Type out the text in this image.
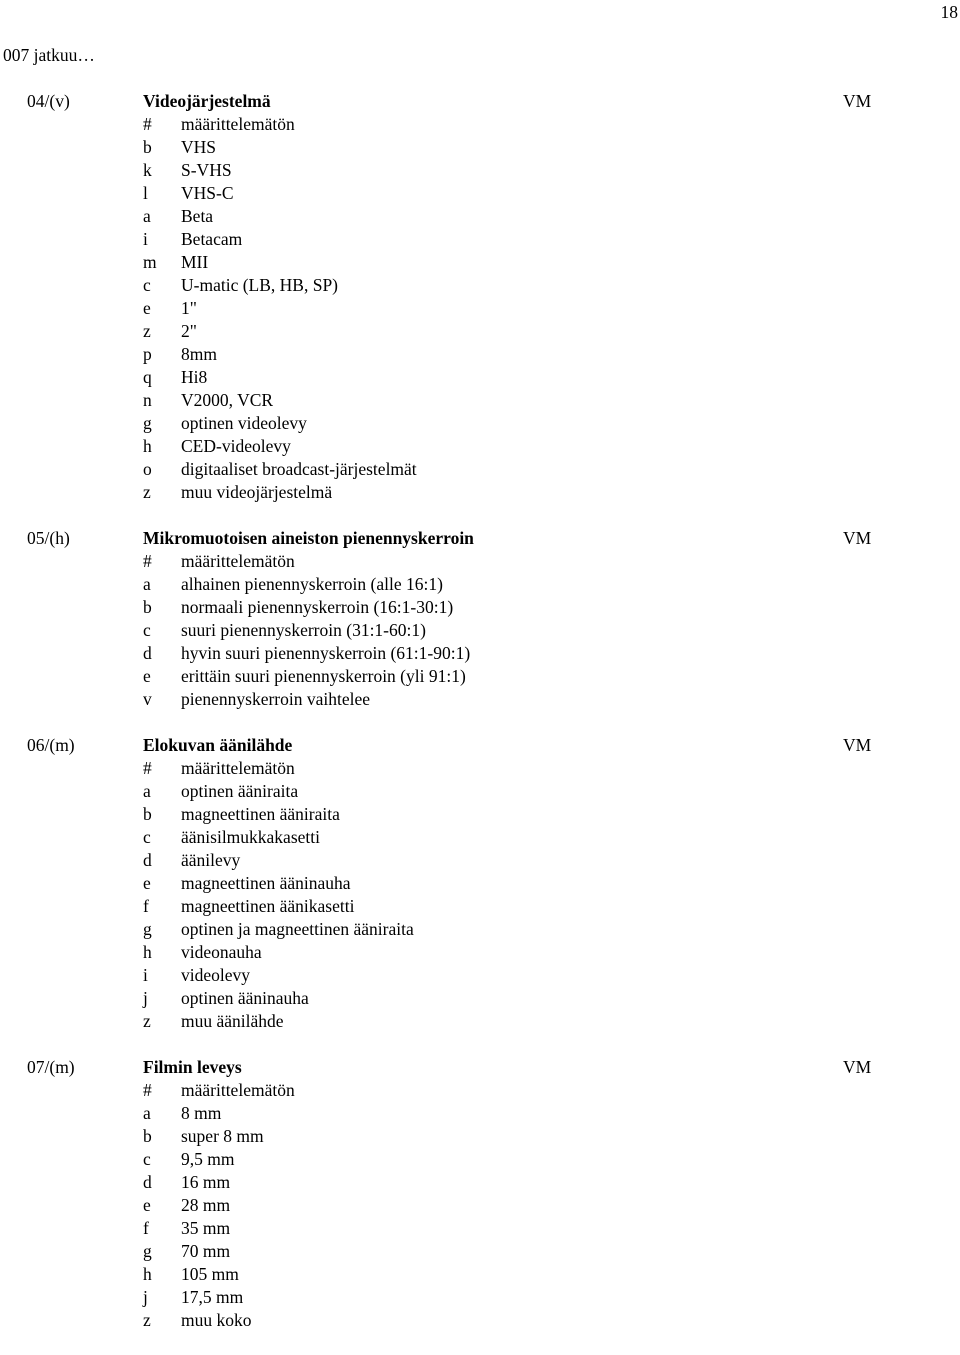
18
007 jatkuu…
04/(v)	Videojärjestelmä	VM
# määrittelemätön
b VHS
k S-VHS
l VHS-C
a Beta
i Betacam
m MII
c U-matic (LB, HB, SP)
e 1"
z 2"
p 8mm
q Hi8
n V2000, VCR
g optinen videolevy
h CED-videolevy
o digitaaliset broadcast-järjestelmät
z muu videojärjestelmä
05/(h)	Mikromuotoisen aineiston pienennyskerroin	VM
# määrittelemätön
a alhainen pienennyskerroin (alle 16:1)
b normaali pienennyskerroin (16:1-30:1)
c suuri pienennyskerroin (31:1-60:1)
d hyvin suuri pienennyskerroin (61:1-90:1)
e erittäin suuri pienennyskerroin (yli 91:1)
v pienennyskerroin vaihtelee
06/(m)	Elokuvan äänilähde	VM
# määrittelemätön
a optinen ääniraita
b magneettinen ääniraita
c äänisilmukkakasetti
d äänilevy
e magneettinen ääninauha
f magneettinen äänikasetti
g optinen ja magneettinen ääniraita
h videonauha
i videolevy
j optinen ääninauha
z muu äänilähde
07/(m)	Filmin leveys	VM
# määrittelemätön
a 8 mm
b super 8 mm
c 9,5 mm
d 16 mm
e 28 mm
f 35 mm
g 70 mm
h 105 mm
j 17,5 mm
z muu koko
